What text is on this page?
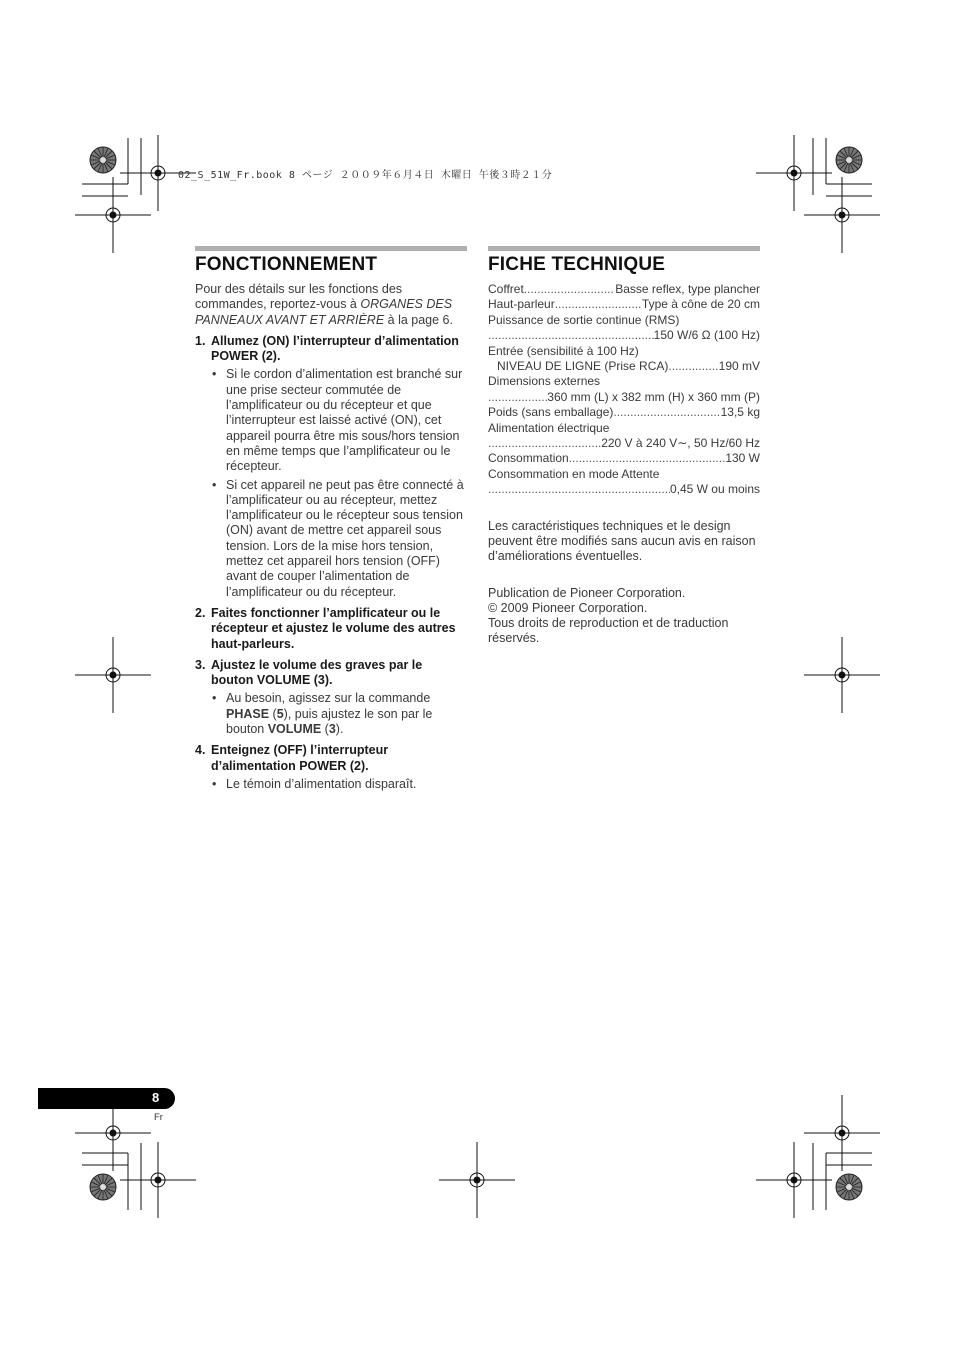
02_S_51W_Fr.book 8 ページ ２００９年６月４日 木曜日 午後３時２１分
FONCTIONNEMENT

Pour des détails sur les fonctions des commandes, reportez-vous à ORGANES DES PANNEAUX AVANT ET ARRIÈRE à la page 6.

1. Allumez (ON) l’interrupteur d’alimentation POWER (2).
• Si le cordon d’alimentation est branché sur une prise secteur commutée de l’amplificateur ou du récepteur et que l’interrupteur est laissé activé (ON), cet appareil pourra être mis sous/hors tension en même temps que l’amplificateur ou le récepteur.
• Si cet appareil ne peut pas être connecté à l’amplificateur ou au récepteur, mettez l’amplificateur ou le récepteur sous tension (ON) avant de mettre cet appareil sous tension. Lors de la mise hors tension, mettez cet appareil hors tension (OFF) avant de couper l’alimentation de l’amplificateur ou du récepteur.
2. Faites fonctionner l’amplificateur ou le récepteur et ajustez le volume des autres haut-parleurs.
3. Ajustez le volume des graves par le bouton VOLUME (3).
• Au besoin, agissez sur la commande PHASE (5), puis ajustez le son par le bouton VOLUME (3).
4. Enteignez (OFF) l’interrupteur d’alimentation POWER (2).
• Le témoin d’alimentation disparaît.
FICHE TECHNIQUE
Coffret .....	Basse reflex, type plancher
Haut-parleur .....	Type à cône de 20 cm
Puissance de sortie continue (RMS)
.....
150 W/6 Ω (100 Hz)
Entrée (sensibilité à 100 Hz)
NIVEAU DE LIGNE (Prise RCA) .....	190 mV
Dimensions externes
.....
360 mm (L) x 382 mm (H) x 360 mm (P)
Poids (sans emballage) .....	13,5 kg
Alimentation électrique
.....
220 V à 240 V∼, 50 Hz/60 Hz
Consommation .....	130 W
Consommation en mode Attente
.....
0,45 W ou moins

Les caractéristiques techniques et le design peuvent être modifiés sans aucun avis en raison d’améliorations éventuelles.

Publication de Pioneer Corporation.

© 2009 Pioneer Corporation.

Tous droits de reproduction et de traduction réservés.

8
Fr
